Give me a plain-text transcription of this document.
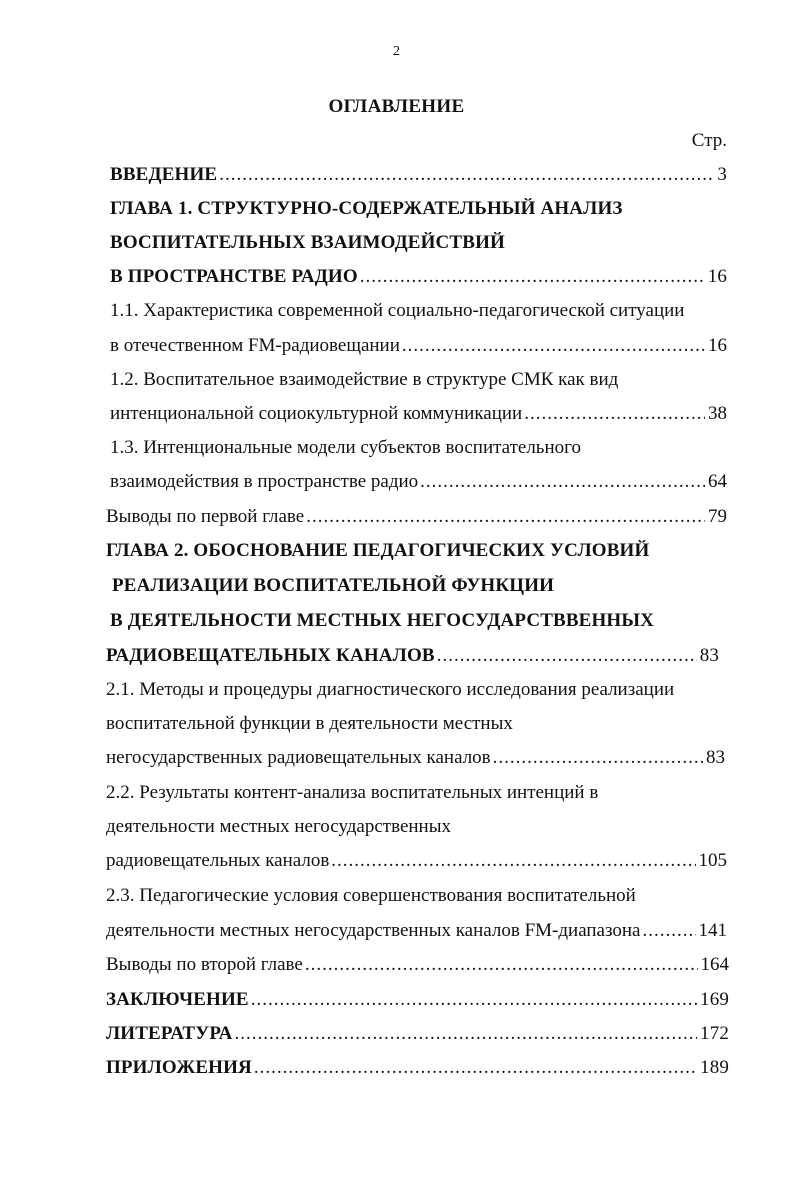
2
ОГЛАВЛЕНИЕ
Стр.
ВВЕДЕНИЕ .....	3
ГЛАВА 1. СТРУКТУРНО-СОДЕРЖАТЕЛЬНЫЙ АНАЛИЗ
ВОСПИТАТЕЛЬНЫХ ВЗАИМОДЕЙСТВИЙ
В ПРОСТРАНСТВЕ РАДИО .....	16
1.1. Характеристика современной социально-педагогической ситуации
в отечественном FM-радиовещании .....	16
1.2. Воспитательное взаимодействие в структуре СМК как вид
интенциональной социокультурной коммуникации .....	38
1.3. Интенциональные модели субъектов воспитательного
взаимодействия в пространстве радио .....	64
Выводы по первой главе .....	79
ГЛАВА 2. ОБОСНОВАНИЕ ПЕДАГОГИЧЕСКИХ УСЛОВИЙ
РЕАЛИЗАЦИИ ВОСПИТАТЕЛЬНОЙ ФУНКЦИИ
В ДЕЯТЕЛЬНОСТИ МЕСТНЫХ НЕГОСУДАРСТВВЕННЫХ
РАДИОВЕЩАТЕЛЬНЫХ КАНАЛОВ .....	83
2.1. Методы и процедуры диагностического исследования реализации
воспитательной функции в деятельности местных
негосударственных радиовещательных каналов .....	83
2.2. Результаты контент-анализа воспитательных интенций в
деятельности местных негосударственных
радиовещательных каналов .....	105
2.3. Педагогические условия совершенствования воспитательной
деятельности местных негосударственных каналов FM-диапазона .....	141
Выводы по второй главе .....	164
ЗАКЛЮЧЕНИЕ .....	169
ЛИТЕРАТУРА .....	172
ПРИЛОЖЕНИЯ .....	189
